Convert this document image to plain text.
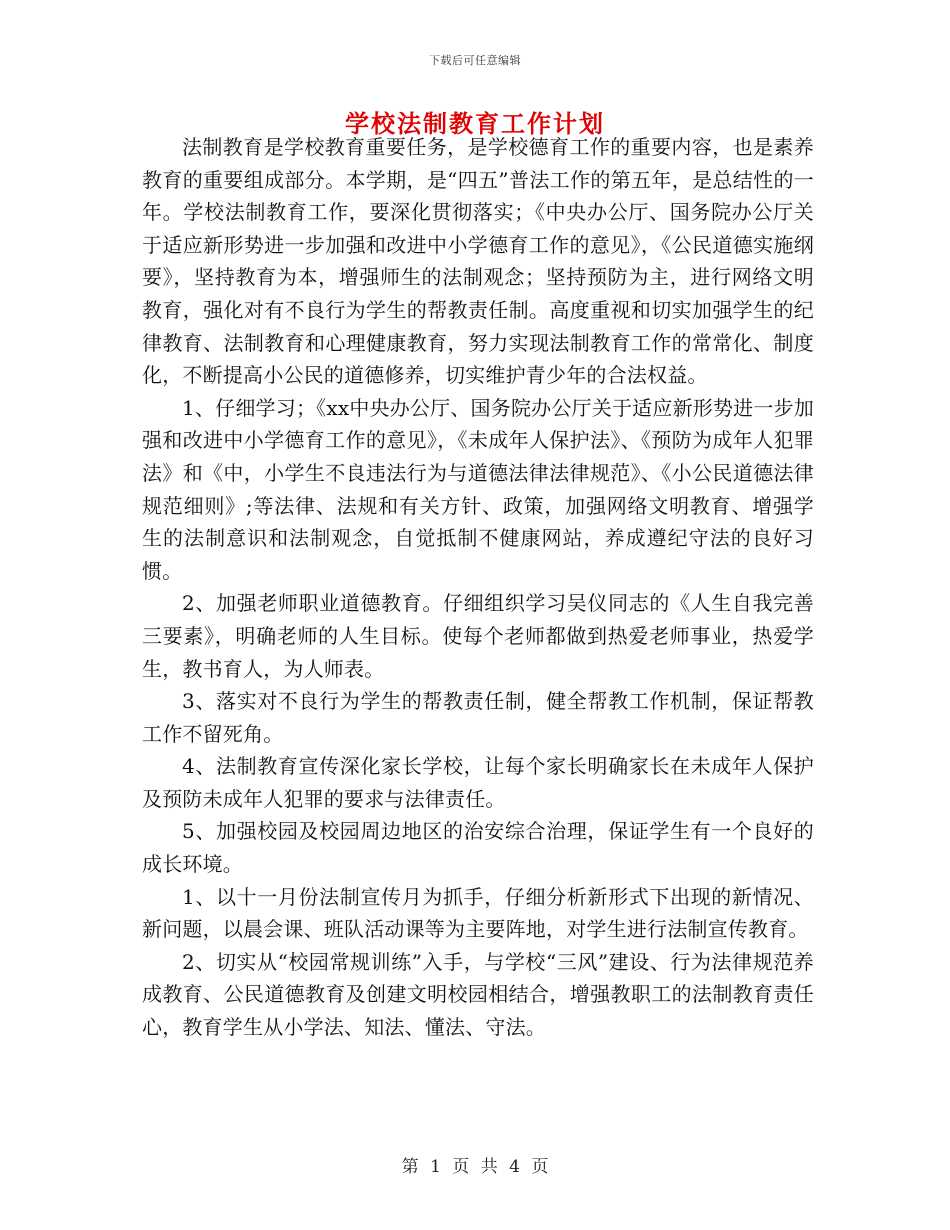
下载后可任意编辑
学校法制教育工作计划

法制教育是学校教育重要任务，是学校德育工作的重要内容，也是素养教育的重要组成部分。本学期，是“四五”普法工作的第五年，是总结性的一年。学校法制教育工作，要深化贯彻落实；《中央办公厅、国务院办公厅关于适应新形势进一步加强和改进中小学德育工作的意见》，《公民道德实施纲要》，坚持教育为本，增强师生的法制观念；坚持预防为主，进行网络文明教育，强化对有不良行为学生的帮教责任制。高度重视和切实加强学生的纪律教育、法制教育和心理健康教育，努力实现法制教育工作的常常化、制度化，不断提高小公民的道德修养，切实维护青少年的合法权益。

1、仔细学习；《xx中央办公厅、国务院办公厅关于适应新形势进一步加强和改进中小学德育工作的意见》，《未成年人保护法》、《预防为成年人犯罪法》和《中，小学生不良违法行为与道德法律法律规范》、《小公民道德法律规范细则》;等法律、法规和有关方针、政策，加强网络文明教育、增强学生的法制意识和法制观念，自觉抵制不健康网站，养成遵纪守法的良好习惯。

2、加强老师职业道德教育。仔细组织学习吴仪同志的《人生自我完善三要素》，明确老师的人生目标。使每个老师都做到热爱老师事业，热爱学生，教书育人，为人师表。

3、落实对不良行为学生的帮教责任制，健全帮教工作机制，保证帮教工作不留死角。

4、法制教育宣传深化家长学校，让每个家长明确家长在未成年人保护及预防未成年人犯罪的要求与法律责任。

5、加强校园及校园周边地区的治安综合治理，保证学生有一个良好的成长环境。

1、以十一月份法制宣传月为抓手，仔细分析新形式下出现的新情况、新问题，以晨会课、班队活动课等为主要阵地，对学生进行法制宣传教育。

2、切实从“校园常规训练”入手，与学校“三风”建设、行为法律规范养成教育、公民道德教育及创建文明校园相结合，增强教职工的法制教育责任心，教育学生从小学法、知法、懂法、守法。

第 1 页 共 4 页
